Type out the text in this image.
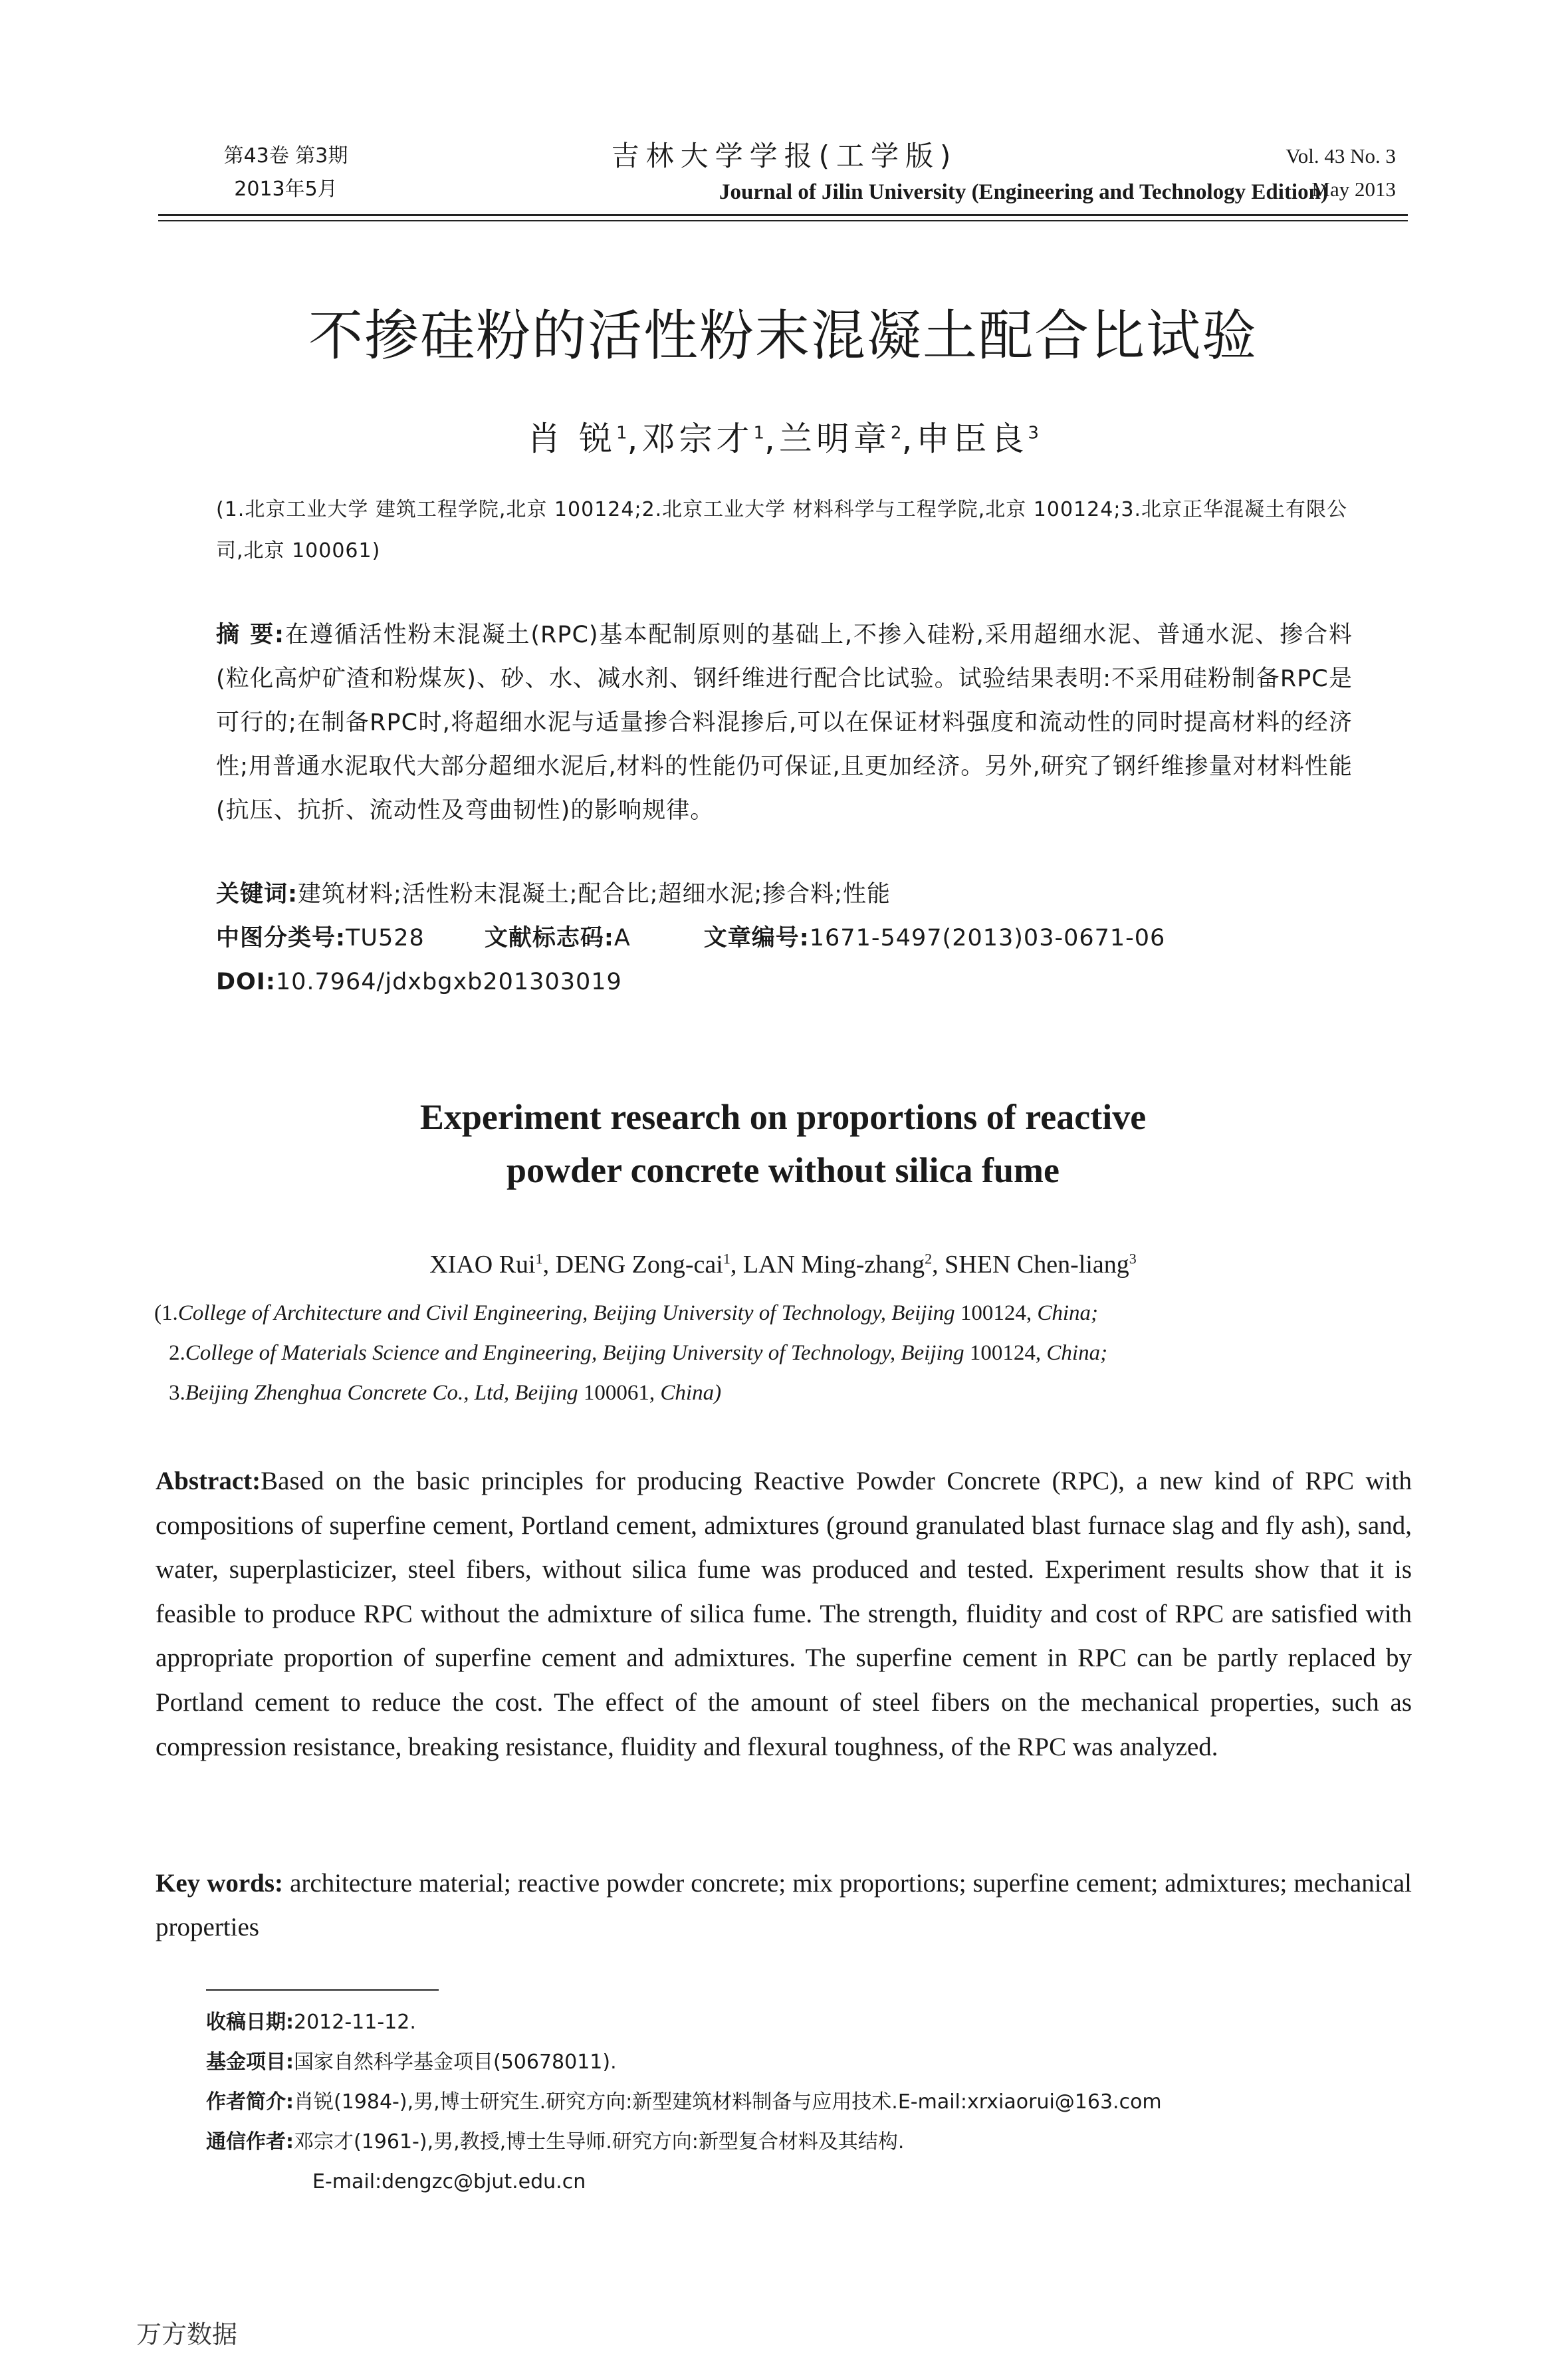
第43卷 第3期
2013年5月
吉林大学学报(工学版)
Journal of Jilin University (Engineering and Technology Edition)
Vol. 43 No. 3
May 2013
不掺硅粉的活性粉末混凝土配合比试验
肖 锐$^1$,邓宗才$^1$,兰明章$^2$,申臣良$^3$
(1.北京工业大学 建筑工程学院,北京 100124;2.北京工业大学 材料科学与工程学院,北京 100124;3.北京正华混凝土有限公司,北京 100061)
摘 要:在遵循活性粉末混凝土(RPC)基本配制原则的基础上,不掺入硅粉,采用超细水泥、普通水泥、掺合料(粒化高炉矿渣和粉煤灰)、砂、水、减水剂、钢纤维进行配合比试验。试验结果表明:不采用硅粉制备RPC是可行的;在制备RPC时,将超细水泥与适量掺合料混掺后,可以在保证材料强度和流动性的同时提高材料的经济性;用普通水泥取代大部分超细水泥后,材料的性能仍可保证,且更加经济。另外,研究了钢纤维掺量对材料性能(抗压、抗折、流动性及弯曲韧性)的影响规律。
关键词:建筑材料;活性粉末混凝土;配合比;超细水泥;掺合料;性能
中图分类号:TU528	文献标志码:A	文章编号:1671-5497(2013)03-0671-06
DOI:10.7964/jdxbgxb201303019
Experiment research on proportions of reactive
powder concrete without silica fume
XIAO Rui$^1$, DENG Zong-cai$^1$, LAN Ming-zhang$^2$, SHEN Chen-liang$^3$
(1.College of Architecture and Civil Engineering, Beijing University of Technology, Beijing 100124, China;
2.College of Materials Science and Engineering, Beijing University of Technology, Beijing 100124, China;
3.Beijing Zhenghua Concrete Co., Ltd, Beijing 100061, China)
Abstract:Based on the basic principles for producing Reactive Powder Concrete (RPC), a new kind of RPC with compositions of superfine cement, Portland cement, admixtures (ground granulated blast furnace slag and fly ash), sand, water, superplasticizer, steel fibers, without silica fume was produced and tested. Experiment results show that it is feasible to produce RPC without the admixture of silica fume. The strength, fluidity and cost of RPC are satisfied with appropriate proportion of superfine cement and admixtures. The superfine cement in RPC can be partly replaced by Portland cement to reduce the cost. The effect of the amount of steel fibers on the mechanical properties, such as compression resistance, breaking resistance, fluidity and flexural toughness, of the RPC was analyzed.
Key words: architecture material; reactive powder concrete; mix proportions; superfine cement; admixtures; mechanical properties
收稿日期:2012-11-12.
基金项目:国家自然科学基金项目(50678011).
作者简介:肖锐(1984-),男,博士研究生.研究方向:新型建筑材料制备与应用技术.E-mail:xrxiaorui@163.com
通信作者:邓宗才(1961-),男,教授,博士生导师.研究方向:新型复合材料及其结构.
E-mail:dengzc@bjut.edu.cn
万方数据
